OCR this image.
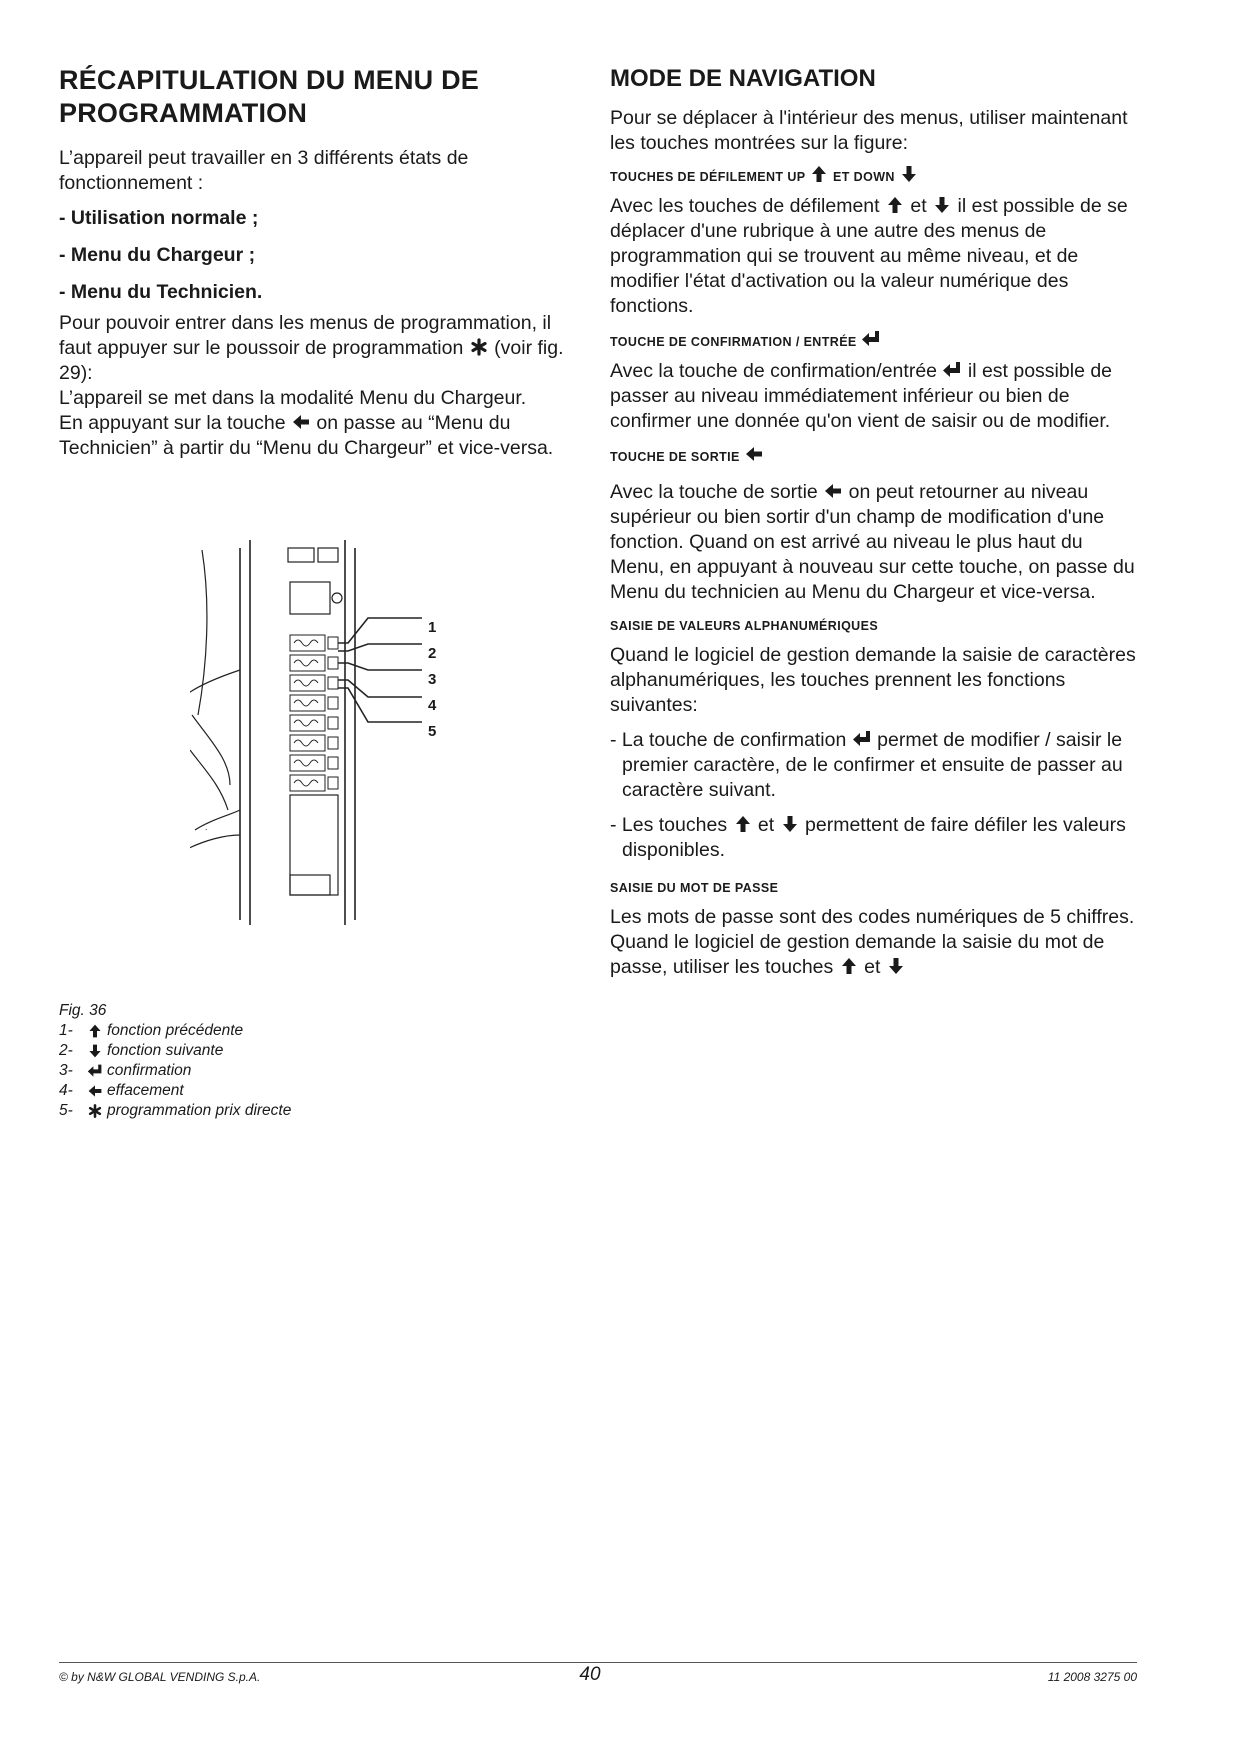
RÉCAPITULATION DU MENU DE PROGRAMMATION

L’appareil peut travailler en 3 différents états de fonctionnement :

- Utilisation normale ;
- Menu du Chargeur ;
- Menu du Technicien.

Pour pouvoir entrer dans les menus de programmation, il faut appuyer sur le poussoir de programmation (voir fig. 29):

L’appareil se met dans la modalité Menu du Chargeur.

En appuyant sur la touche on passe au “Menu du Technicien” à partir du “Menu du Chargeur” et vice-versa.

.
1
2
3
4
5
Fig. 36
1-	fonction précédente
2-	fonction suivante
3-	confirmation
4-	effacement
5-	programmation prix directe
MODE DE NAVIGATION

Pour se déplacer à l'intérieur des menus, utiliser maintenant les touches montrées sur la figure:

TOUCHES DE DÉFILEMENT UP ET DOWN

Avec les touches de défilement et il est possible de se déplacer d'une rubrique à une autre des menus de programmation qui se trouvent au même niveau, et de modifier l'état d'activation ou la valeur numérique des fonctions.

TOUCHE DE CONFIRMATION / ENTRÉE

Avec la touche de confirmation/entrée il est possible de passer au niveau immédiatement inférieur ou bien de confirmer une donnée qu'on vient de saisir ou de modifier.

TOUCHE DE SORTIE

Avec la touche de sortie on peut retourner au niveau supérieur ou bien sortir d'un champ de modification d'une fonction. Quand on est arrivé au niveau le plus haut du Menu, en appuyant à nouveau sur cette touche, on passe du Menu du technicien au Menu du Chargeur et vice-versa.

SAISIE DE VALEURS ALPHANUMÉRIQUES

Quand le logiciel de gestion demande la saisie de caractères alphanumériques, les touches prennent les fonctions suivantes:

- La touche de confirmation permet de modifier / saisir le premier caractère, de le confirmer et ensuite de passer au caractère suivant.
- Les touches et permettent de faire défiler les valeurs disponibles.
SAISIE DU MOT DE PASSE

Les mots de passe sont des codes numériques de 5 chiffres.

Quand le logiciel de gestion demande la saisie du mot de passe, utiliser les touches et

© by N&W GLOBAL VENDING S.p.A.	40	11 2008 3275 00
